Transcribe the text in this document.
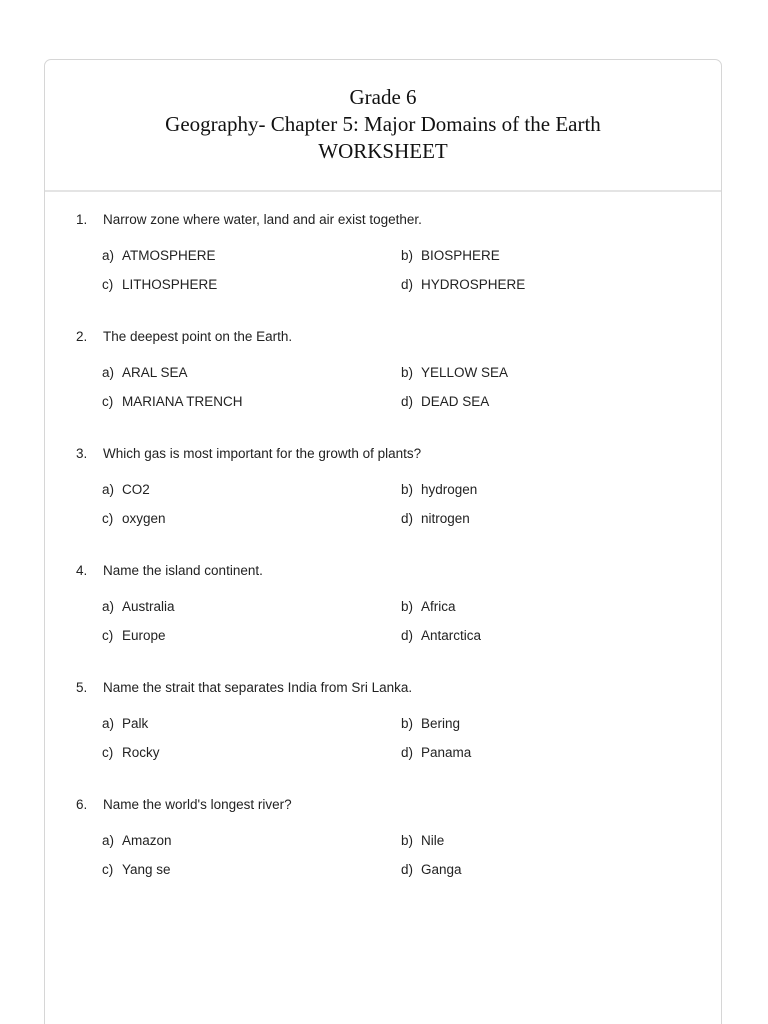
Grade 6

Geography- Chapter 5: Major Domains of the Earth

WORKSHEET

1. Narrow zone where water, land and air exist together.
a) ATMOSPHERE	b) BIOSPHERE
c) LITHOSPHERE	d) HYDROSPHERE
2. The deepest point on the Earth.
a) ARAL SEA	b) YELLOW SEA
c) MARIANA TRENCH	d) DEAD SEA
3. Which gas is most important for the growth of plants?
a) CO2	b) hydrogen
c) oxygen	d) nitrogen
4. Name the island continent.
a) Australia	b) Africa
c) Europe	d) Antarctica
5. Name the strait that separates India from Sri Lanka.
a) Palk	b) Bering
c) Rocky	d) Panama
6. Name the world's longest river?
a) Amazon	b) Nile
c) Yang se	d) Ganga
